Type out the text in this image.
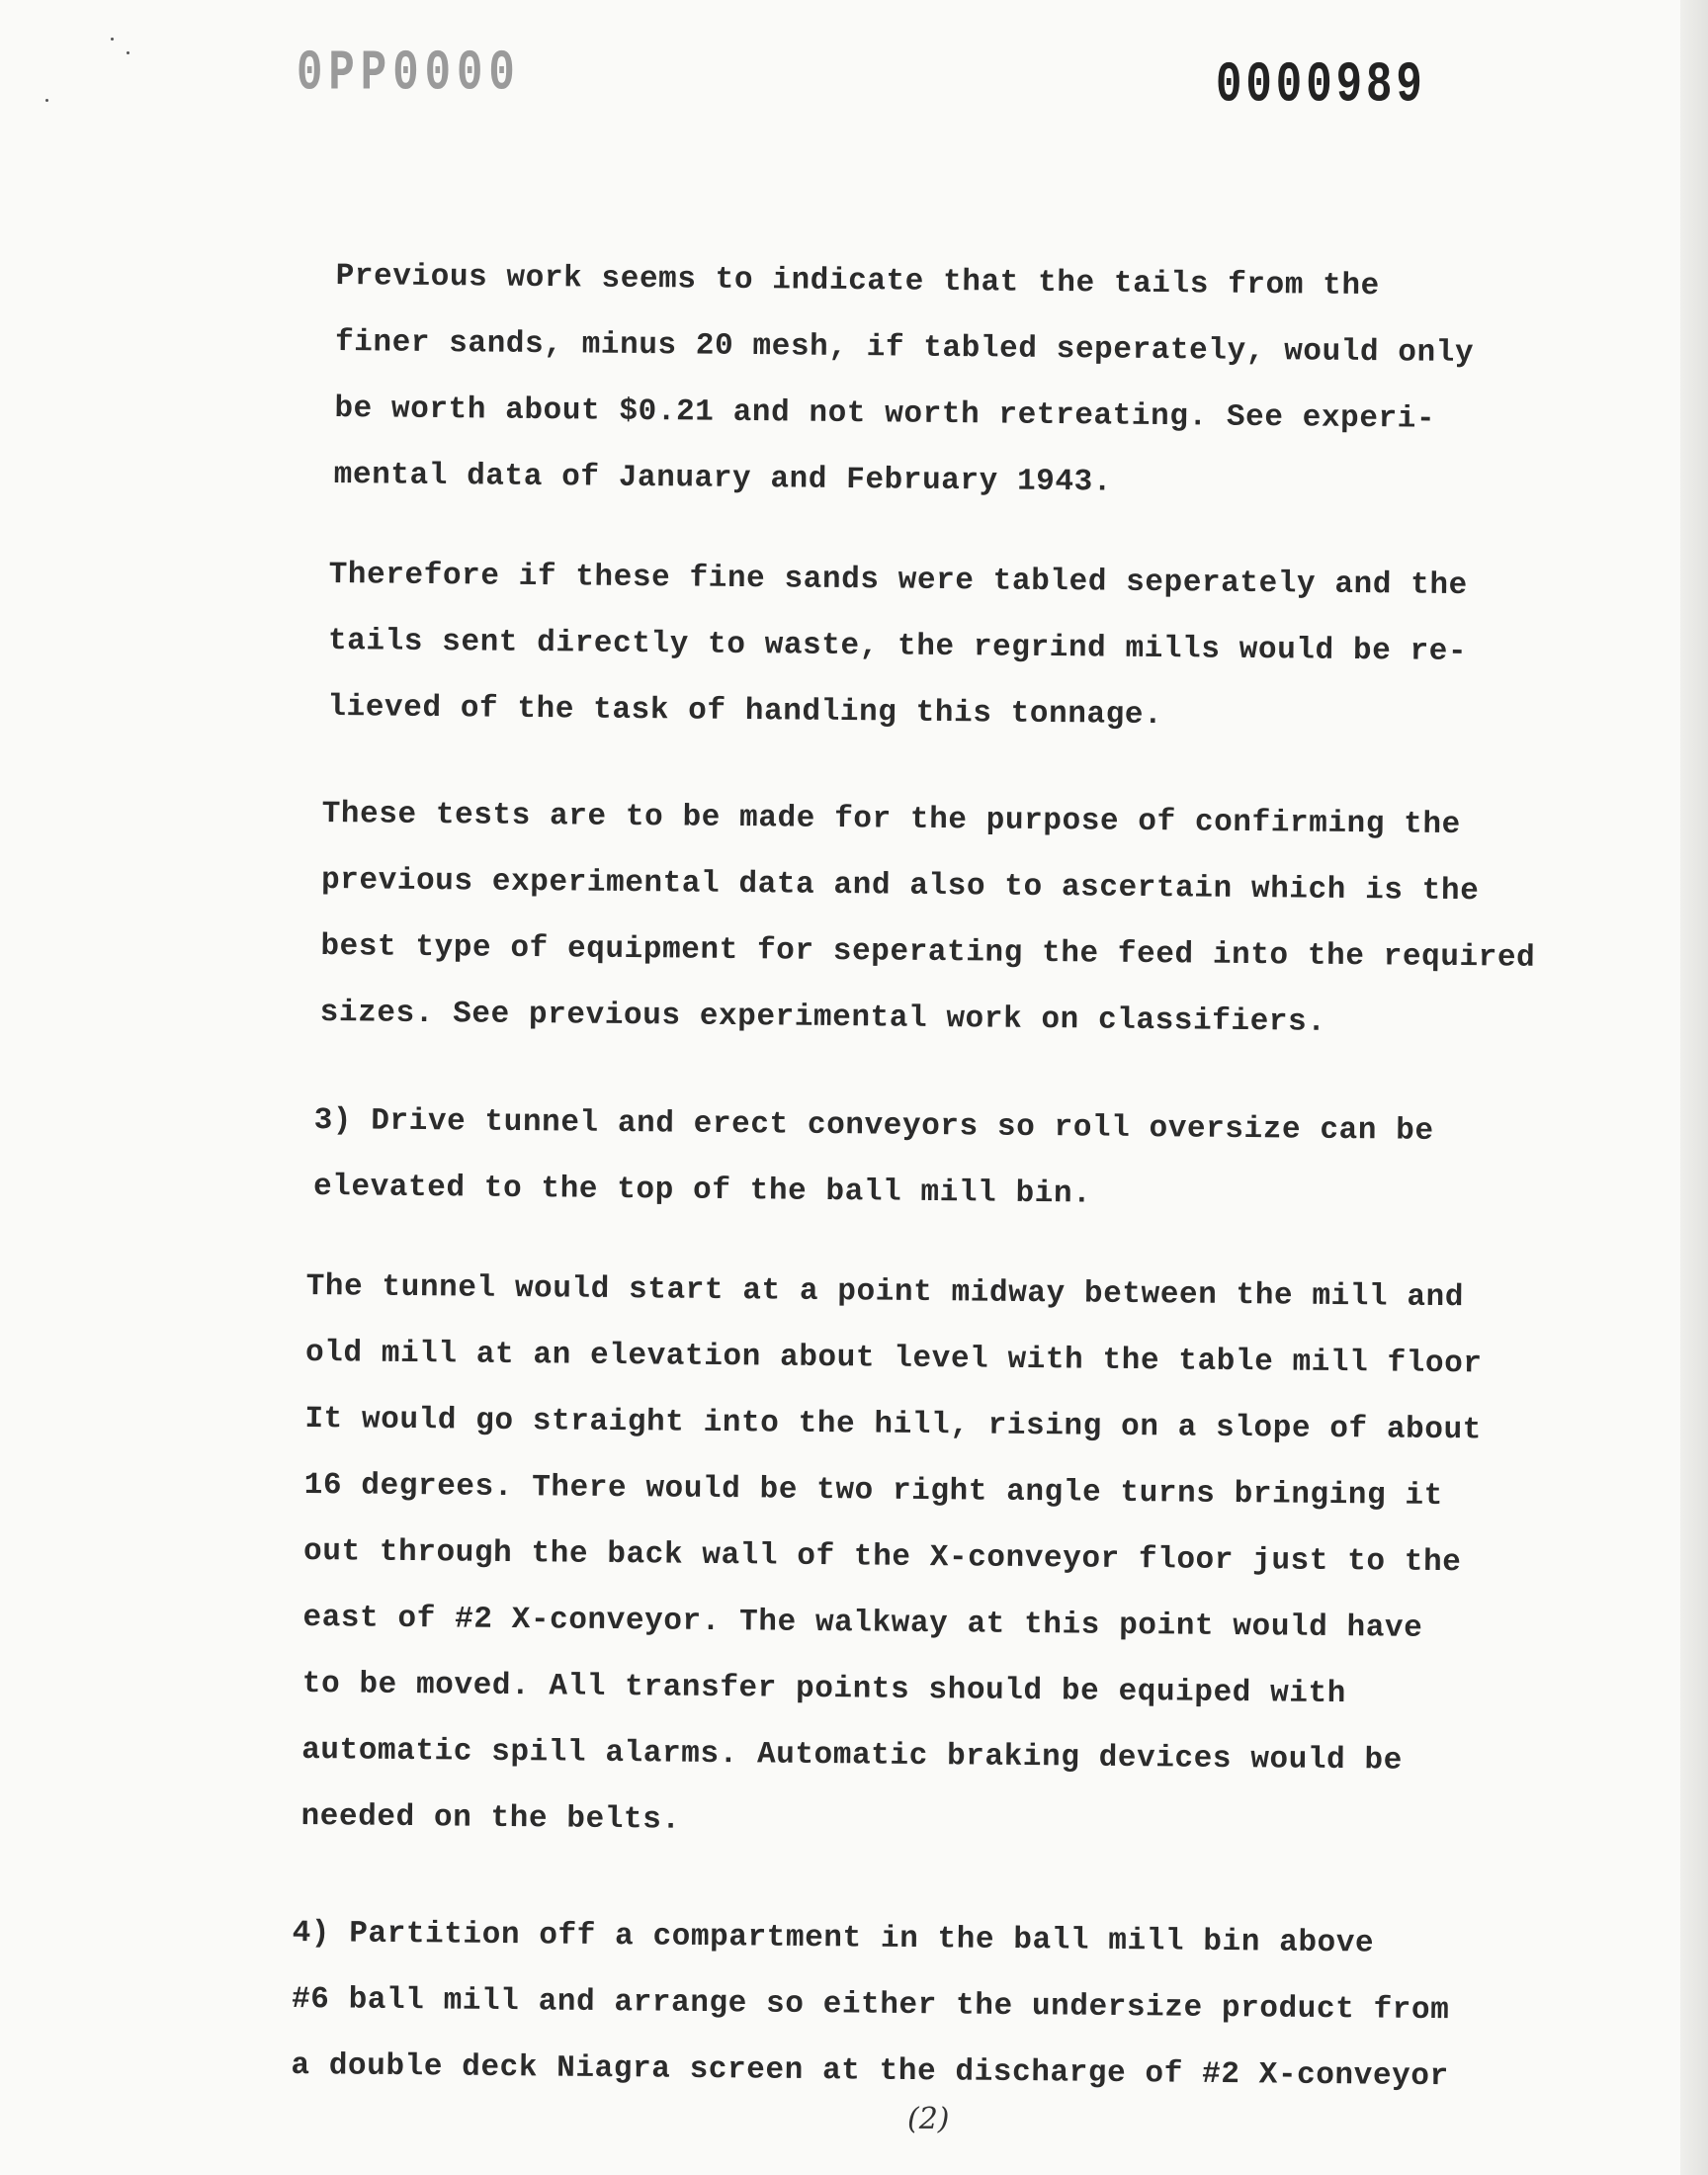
0PP0000	0000989

Previous work seems to indicate that the tails from the
finer sands, minus 20 mesh, if tabled seperately, would only
be worth about $0.21 and not worth retreating. See experi-
mental data of January and February 1943.

Therefore if these fine sands were tabled seperately and the
tails sent directly to waste, the regrind mills would be re-
lieved of the task of handling this tonnage.

These tests are to be made for the purpose of confirming the
previous experimental data and also to ascertain which is the
best type of equipment for seperating the feed into the required
sizes. See previous experimental work on classifiers.

3) Drive tunnel and erect conveyors so roll oversize can be
elevated to the top of the ball mill bin.

The tunnel would start at a point midway between the mill and
old mill at an elevation about level with the table mill floor
It would go straight into the hill, rising on a slope of about
16 degrees. There would be two right angle turns bringing it
out through the back wall of the X-conveyor floor just to the
east of #2 X-conveyor. The walkway at this point would have
to be moved. All transfer points should be equiped with
automatic spill alarms. Automatic braking devices would be
needed on the belts.

4) Partition off a compartment in the ball mill bin above
#6 ball mill and arrange so either the undersize product from
a double deck Niagra screen at the discharge of #2 X-conveyor

(2)
